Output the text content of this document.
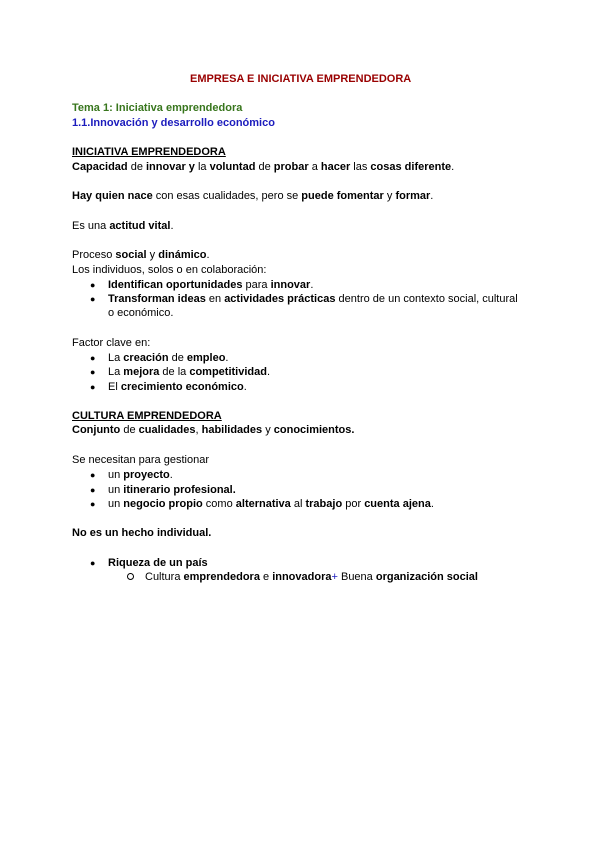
EMPRESA E INICIATIVA EMPRENDEDORA
Tema 1: Iniciativa emprendedora
1.1.Innovación y desarrollo económico
INICIATIVA EMPRENDEDORA
Capacidad de innovar y la voluntad de probar a hacer las cosas diferente.
Hay quien nace con esas cualidades, pero se puede fomentar y formar.
Es una actitud vital.
Proceso social y dinámico.
Los individuos, solos o en colaboración:
● Identifican oportunidades para innovar.
● Transforman ideas en actividades prácticas dentro de un contexto social, cultural
o económico.
Factor clave en:
● La creación de empleo.
● La mejora de la competitividad.
● El crecimiento económico.
CULTURA EMPRENDEDORA
Conjunto de cualidades, habilidades y conocimientos.
Se necesitan para gestionar
● un proyecto.
● un itinerario profesional.
● un negocio propio como alternativa al trabajo por cuenta ajena.
No es un hecho individual.
● Riqueza de un país
Cultura emprendedora e innovadora+ Buena organización social
